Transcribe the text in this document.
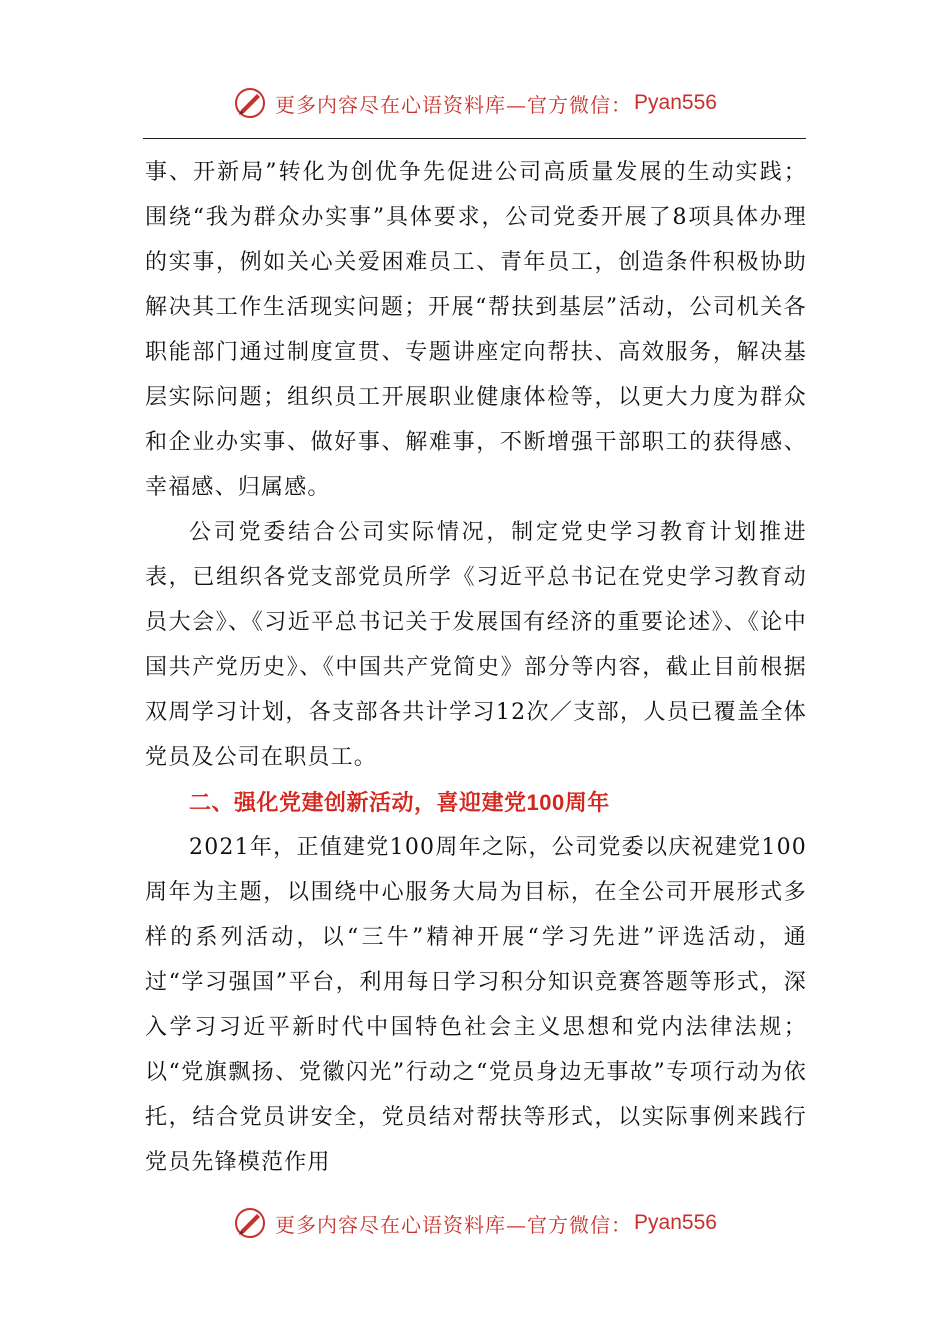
更多内容尽在心语资料库—官方微信： Pyan556

事、开新局”转化为创优争先促进公司高质量发展的生动实践；围绕“我为群众办实事”具体要求，公司党委开展了8项具体办理的实事，例如关心关爱困难员工、青年员工，创造条件积极协助解决其工作生活现实问题；开展“帮扶到基层”活动，公司机关各职能部门通过制度宣贯、专题讲座定向帮扶、高效服务，解决基层实际问题；组织员工开展职业健康体检等，以更大力度为群众和企业办实事、做好事、解难事，不断增强干部职工的获得感、幸福感、归属感。

公司党委结合公司实际情况，制定党史学习教育计划推进表，已组织各党支部党员所学《习近平总书记在党史学习教育动员大会》、《习近平总书记关于发展国有经济的重要论述》、《论中国共产党历史》、《中国共产党简史》部分等内容，截止目前根据双周学习计划，各支部各共计学习12次／支部，人员已覆盖全体党员及公司在职员工。

二、强化党建创新活动，喜迎建党100周年

2021年，正值建党100周年之际，公司党委以庆祝建党100周年为主题，以围绕中心服务大局为目标，在全公司开展形式多样的系列活动，以“三牛”精神开展“学习先进”评选活动，通过“学习强国”平台，利用每日学习积分知识竞赛答题等形式，深入学习习近平新时代中国特色社会主义思想和党内法律法规；以“党旗飘扬、党徽闪光”行动之“党员身边无事故”专项行动为依托，结合党员讲安全，党员结对帮扶等形式，以实际事例来践行党员先锋模范作用

更多内容尽在心语资料库—官方微信： Pyan556
